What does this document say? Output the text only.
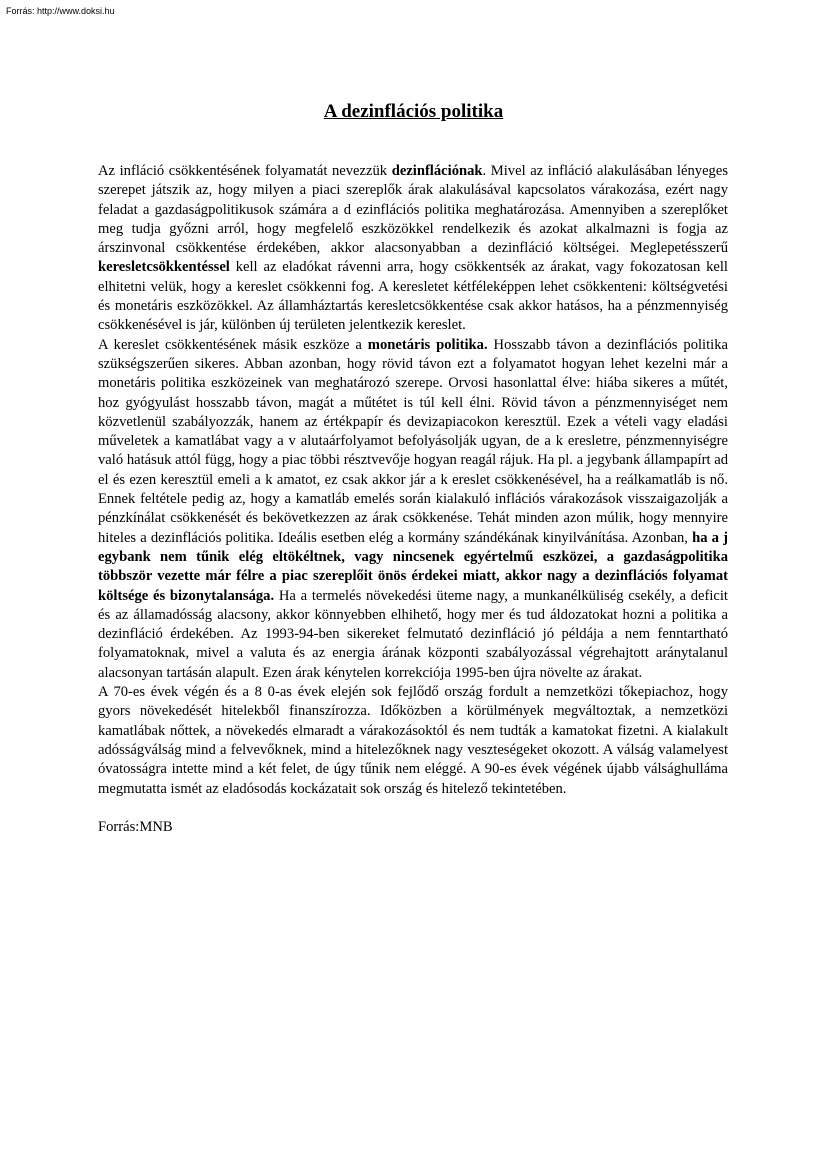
Forrás: http://www.doksi.hu
A dezinflációs politika

Az infláció csökkentésének folyamatát nevezzük dezinflációnak. Mivel az infláció alakulásában lényeges szerepet játszik az, hogy milyen a piaci szereplők árak alakulásával kapcsolatos várakozása, ezért nagy feladat a gazdaságpolitikusok számára a d ezinflációs politika meghatározása. Amennyiben a szereplőket meg tudja győzni arról, hogy megfelelő eszközökkel rendelkezik és azokat alkalmazni is fogja az árszinvonal csökkentése érdekében, akkor alacsonyabban a dezinfláció költségei. Meglepetésszerű keresletcsökkentéssel kell az eladókat rávenni arra, hogy csökkentsék az árakat, vagy fokozatosan kell elhitetni velük, hogy a kereslet csökkenni fog. A keresletet kétféleképpen lehet csökkenteni: költségvetési és monetáris eszközökkel. Az államháztartás keresletcsökkentése csak akkor hatásos, ha a pénzmennyiség csökkenésével is jár, különben új területen jelentkezik kereslet.

A kereslet csökkentésének másik eszköze a monetáris politika. Hosszabb távon a dezinflációs politika szükségszerűen sikeres. Abban azonban, hogy rövid távon ezt a folyamatot hogyan lehet kezelni már a monetáris politika eszközeinek van meghatározó szerepe. Orvosi hasonlattal élve: hiába sikeres a műtét, hoz gyógyulást hosszabb távon, magát a műtétet is túl kell élni. Rövid távon a pénzmennyiséget nem közvetlenül szabályozzák, hanem az értékpapír és devizapiacokon keresztül. Ezek a vételi vagy eladási műveletek a kamatlábat vagy a v alutaárfolyamot befolyásolják ugyan, de a k eresletre, pénzmennyiségre való hatásuk attól függ, hogy a piac többi résztvevője hogyan reagál rájuk. Ha pl. a jegybank állampapírt ad el és ezen keresztül emeli a k amatot, ez csak akkor jár a k ereslet csökkenésével, ha a reálkamatláb is nő. Ennek feltétele pedig az, hogy a kamatláb emelés során kialakuló inflációs várakozások visszaigazolják a pénzkínálat csökkenését és bekövetkezzen az árak csökkenése. Tehát minden azon múlik, hogy mennyire hiteles a dezinflációs politika. Ideális esetben elég a kormány szándékának kinyilvánítása. Azonban, ha a j egybank nem tűnik elég eltökéltnek, vagy nincsenek egyértelmű eszközei, a gazdaságpolitika többször vezette már félre a piac szereplőit önös érdekei miatt, akkor nagy a dezinflációs folyamat költsége és bizonytalansága. Ha a termelés növekedési üteme nagy, a munkanélküliség csekély, a deficit és az államadósság alacsony, akkor könnyebben elhihető, hogy mer és tud áldozatokat hozni a politika a dezinfláció érdekében. Az 1993-94-ben sikereket felmutató dezinfláció jó példája a nem fenntartható folyamatoknak, mivel a valuta és az energia árának központi szabályozással végrehajtott aránytalanul alacsonyan tartásán alapult. Ezen árak kénytelen korrekciója 1995-ben újra növelte az árakat.

A 70-es évek végén és a 8 0-as évek elején sok fejlődő ország fordult a nemzetközi tőkepiachoz, hogy gyors növekedését hitelekből finanszírozza. Időközben a körülmények megváltoztak, a nemzetközi kamatlábak nőttek, a növekedés elmaradt a várakozásoktól és nem tudták a kamatokat fizetni. A kialakult adósságválság mind a felvevőknek, mind a hitelezőknek nagy veszteségeket okozott. A válság valamelyest óvatosságra intette mind a két felet, de úgy tűnik nem eléggé. A 90-es évek végének újabb válsághulláma megmutatta ismét az eladósodás kockázatait sok ország és hitelező tekintetében.

Forrás:MNB
